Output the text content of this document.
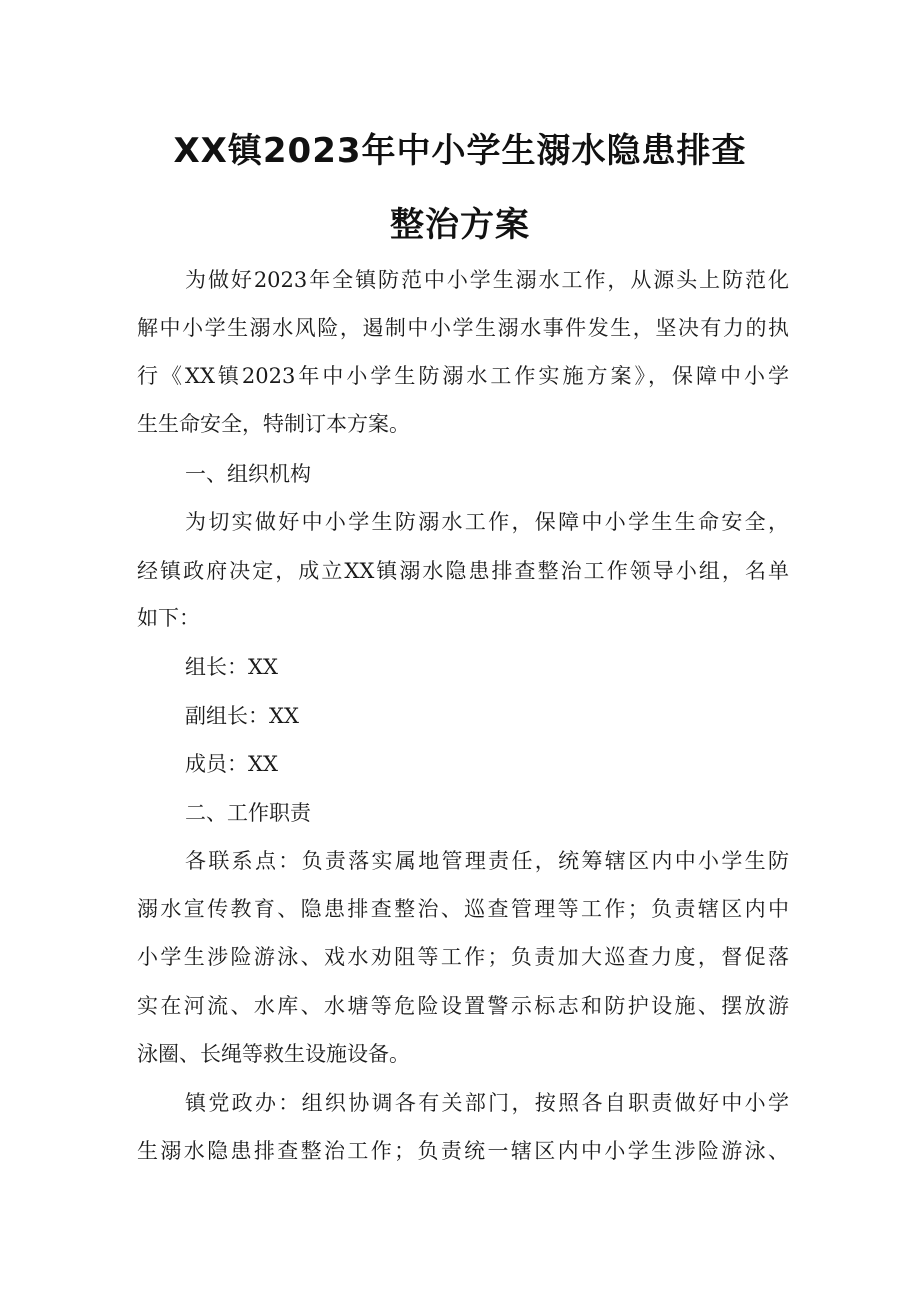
XX镇2023年中小学生溺水隐患排查
整治方案
为做好2023年全镇防范中小学生溺水工作，从源头上防范化
解中小学生溺水风险，遏制中小学生溺水事件发生，坚决有力的执
行《XX镇2023年中小学生防溺水工作实施方案》，保障中小学
生生命安全，特制订本方案。
一、组织机构
为切实做好中小学生防溺水工作，保障中小学生生命安全，
经镇政府决定，成立XX镇溺水隐患排查整治工作领导小组，名单
如下：
组长：XX
副组长：XX
成员：XX
二、工作职责
各联系点：负责落实属地管理责任，统筹辖区内中小学生防
溺水宣传教育、隐患排查整治、巡查管理等工作；负责辖区内中
小学生涉险游泳、戏水劝阻等工作；负责加大巡查力度，督促落
实在河流、水库、水塘等危险设置警示标志和防护设施、摆放游
泳圈、长绳等救生设施设备。
镇党政办：组织协调各有关部门，按照各自职责做好中小学
生溺水隐患排查整治工作；负责统一辖区内中小学生涉险游泳、
